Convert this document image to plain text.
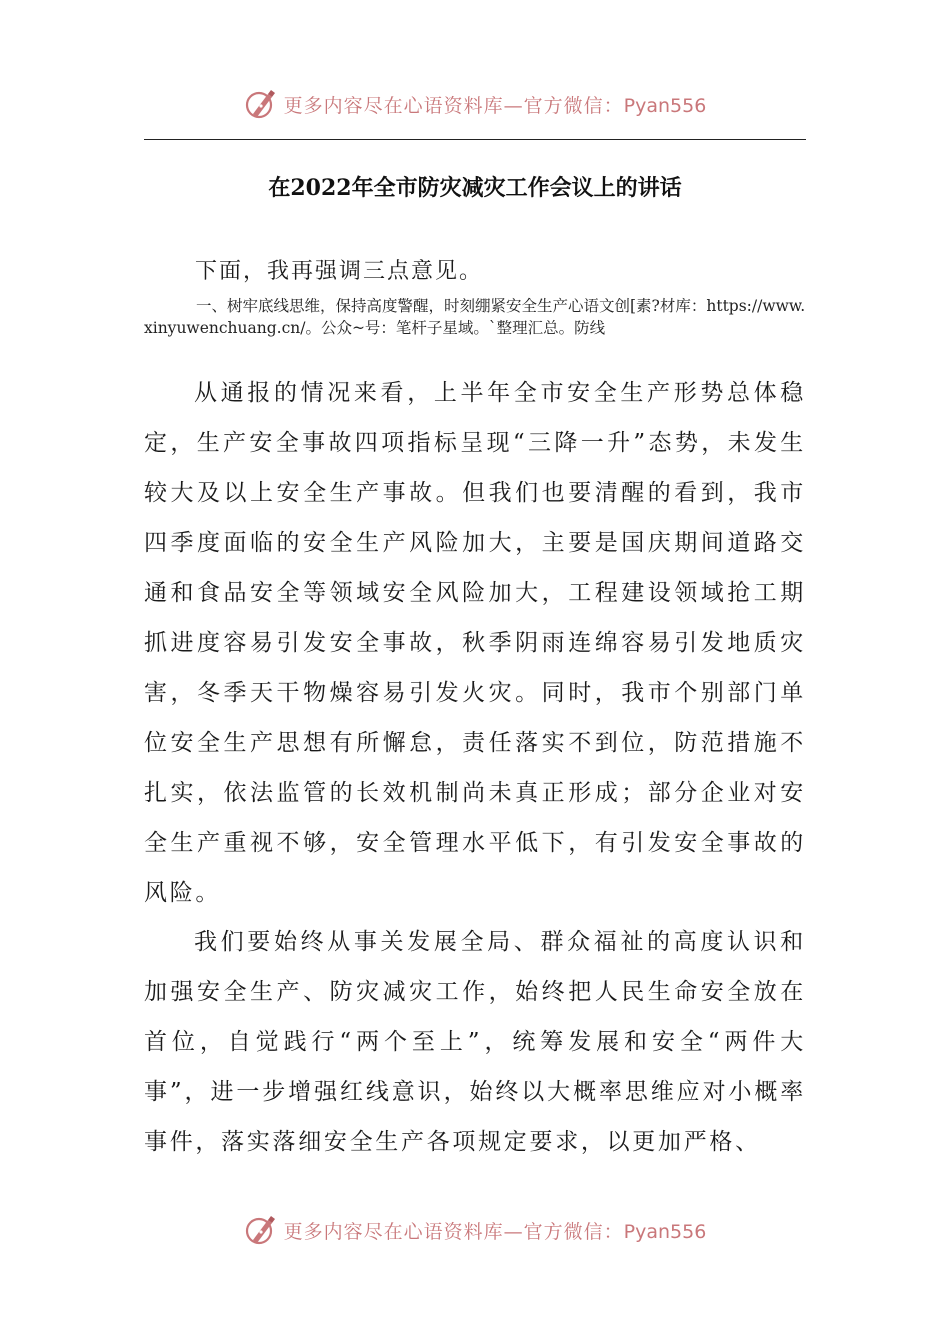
更多内容尽在心语资料库—官方微信：Pyan556
在2022年全市防灾减灾工作会议上的讲话
下面，我再强调三点意见。
一、树牢底线思维，保持高度警醒，时刻绷紧安全生产心语文创[素?材库：https://www.xinyuwenchuang.cn/。公众~号：笔杆子星域。`整理汇总。防线

从通报的情况来看，上半年全市安全生产形势总体稳定，生产安全事故四项指标呈现“三降一升”态势，未发生较大及以上安全生产事故。但我们也要清醒的看到，我市四季度面临的安全生产风险加大，主要是国庆期间道路交通和食品安全等领域安全风险加大，工程建设领域抢工期抓进度容易引发安全事故，秋季阴雨连绵容易引发地质灾害，冬季天干物燥容易引发火灾。同时，我市个别部门单位安全生产思想有所懈怠，责任落实不到位，防范措施不扎实，依法监管的长效机制尚未真正形成；部分企业对安全生产重视不够，安全管理水平低下，有引发安全事故的风险。

我们要始终从事关发展全局、群众福祉的高度认识和加强安全生产、防灾减灾工作，始终把人民生命安全放在首位，自觉践行“两个至上”，统筹发展和安全“两件大事”，进一步增强红线意识，始终以大概率思维应对小概率事件，落实落细安全生产各项规定要求，以更加严格、

更多内容尽在心语资料库—官方微信：Pyan556
